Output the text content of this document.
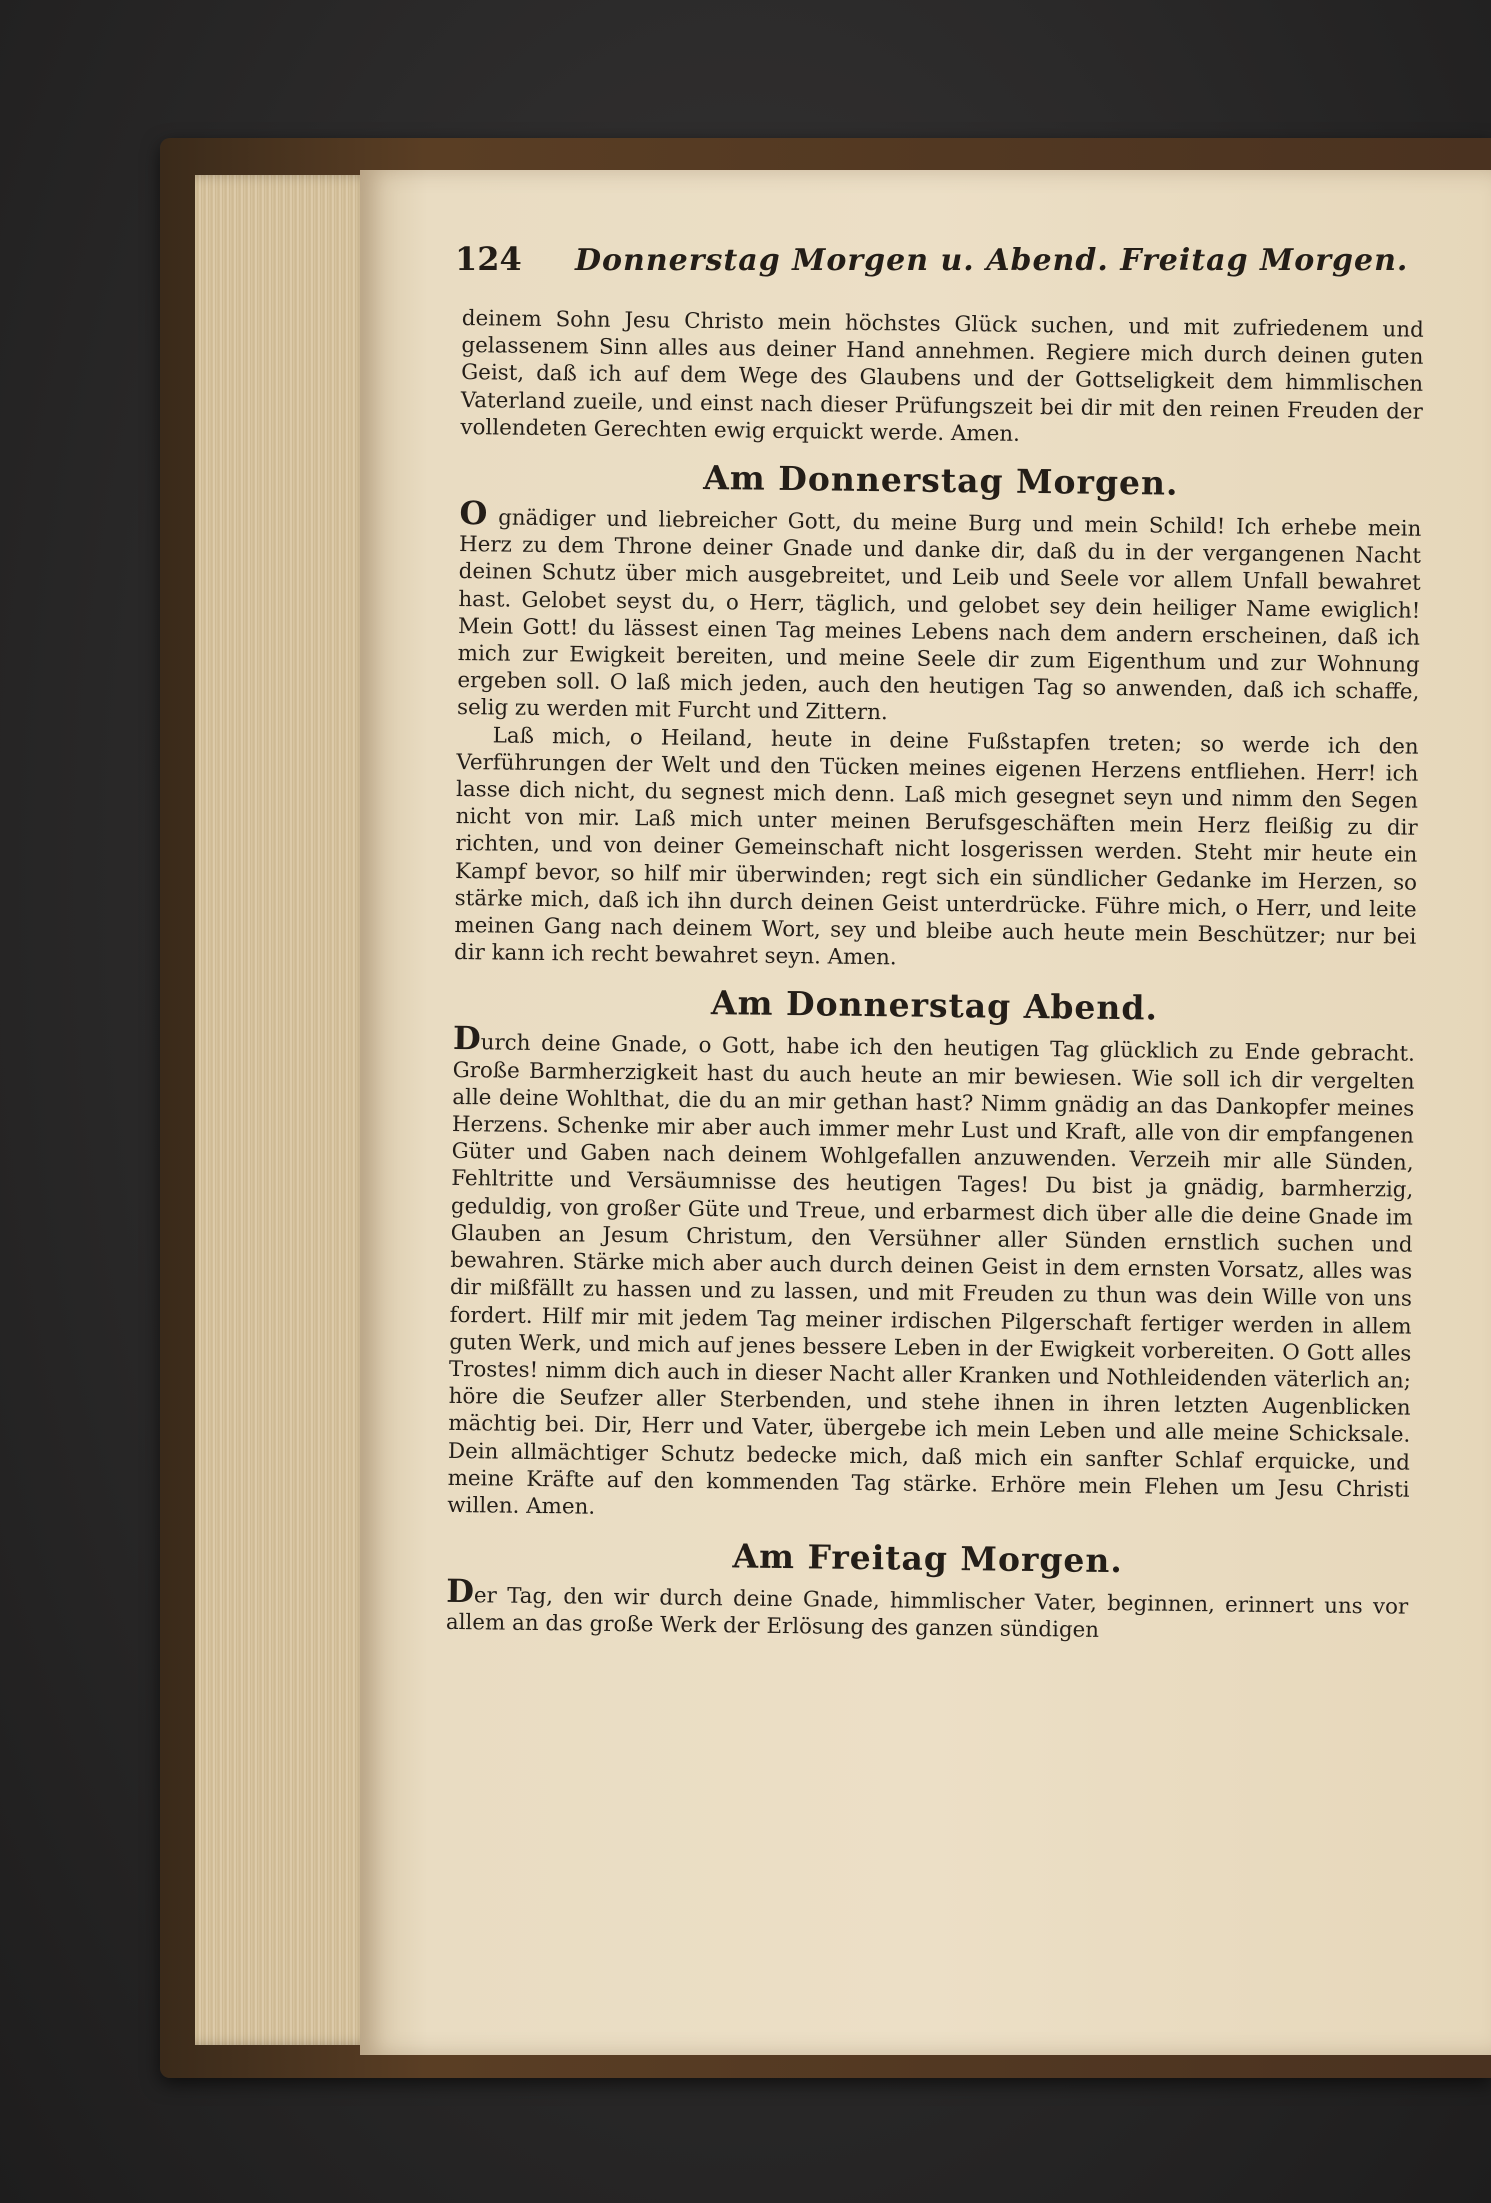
124	Donnerstag Morgen u. Abend. Freitag Morgen.

deinem Sohn Jesu Christo mein höchstes Glück suchen, und mit zufriedenem und gelassenem Sinn alles aus deiner Hand annehmen. Regiere mich durch deinen guten Geist, daß ich auf dem Wege des Glaubens und der Gottseligkeit dem himmlischen Vaterland zueile, und einst nach dieser Prüfungszeit bei dir mit den reinen Freuden der vollendeten Gerechten ewig erquickt werde. Amen.

Am Donnerstag Morgen.

O gnädiger und liebreicher Gott, du meine Burg und mein Schild! Ich erhebe mein Herz zu dem Throne deiner Gnade und danke dir, daß du in der vergangenen Nacht deinen Schutz über mich ausgebreitet, und Leib und Seele vor allem Unfall bewahret hast. Gelobet seyst du, o Herr, täglich, und gelobet sey dein heiliger Name ewiglich! Mein Gott! du lässest einen Tag meines Lebens nach dem andern erscheinen, daß ich mich zur Ewigkeit bereiten, und meine Seele dir zum Eigenthum und zur Wohnung ergeben soll. O laß mich jeden, auch den heutigen Tag so anwenden, daß ich schaffe, selig zu werden mit Furcht und Zittern.

Laß mich, o Heiland, heute in deine Fußstapfen treten; so werde ich den Verführungen der Welt und den Tücken meines eigenen Herzens entfliehen. Herr! ich lasse dich nicht, du segnest mich denn. Laß mich gesegnet seyn und nimm den Segen nicht von mir. Laß mich unter meinen Berufsgeschäften mein Herz fleißig zu dir richten, und von deiner Gemeinschaft nicht losgerissen werden. Steht mir heute ein Kampf bevor, so hilf mir überwinden; regt sich ein sündlicher Gedanke im Herzen, so stärke mich, daß ich ihn durch deinen Geist unterdrücke. Führe mich, o Herr, und leite meinen Gang nach deinem Wort, sey und bleibe auch heute mein Beschützer; nur bei dir kann ich recht bewahret seyn. Amen.

Am Donnerstag Abend.

Durch deine Gnade, o Gott, habe ich den heutigen Tag glücklich zu Ende gebracht. Große Barmherzigkeit hast du auch heute an mir bewiesen. Wie soll ich dir vergelten alle deine Wohlthat, die du an mir gethan hast? Nimm gnädig an das Dankopfer meines Herzens. Schenke mir aber auch immer mehr Lust und Kraft, alle von dir empfangenen Güter und Gaben nach deinem Wohlgefallen anzuwenden. Verzeih mir alle Sünden, Fehltritte und Versäumnisse des heutigen Tages! Du bist ja gnädig, barmherzig, geduldig, von großer Güte und Treue, und erbarmest dich über alle die deine Gnade im Glauben an Jesum Christum, den Versühner aller Sünden ernstlich suchen und bewahren. Stärke mich aber auch durch deinen Geist in dem ernsten Vorsatz, alles was dir mißfällt zu hassen und zu lassen, und mit Freuden zu thun was dein Wille von uns fordert. Hilf mir mit jedem Tag meiner irdischen Pilgerschaft fertiger werden in allem guten Werk, und mich auf jenes bessere Leben in der Ewigkeit vorbereiten. O Gott alles Trostes! nimm dich auch in dieser Nacht aller Kranken und Nothleidenden väterlich an; höre die Seufzer aller Sterbenden, und stehe ihnen in ihren letzten Augenblicken mächtig bei. Dir, Herr und Vater, übergebe ich mein Leben und alle meine Schicksale. Dein allmächtiger Schutz bedecke mich, daß mich ein sanfter Schlaf erquicke, und meine Kräfte auf den kommenden Tag stärke. Erhöre mein Flehen um Jesu Christi willen. Amen.

Am Freitag Morgen.

Der Tag, den wir durch deine Gnade, himmlischer Vater, beginnen, erinnert uns vor allem an das große Werk der Erlösung des ganzen sündigen
